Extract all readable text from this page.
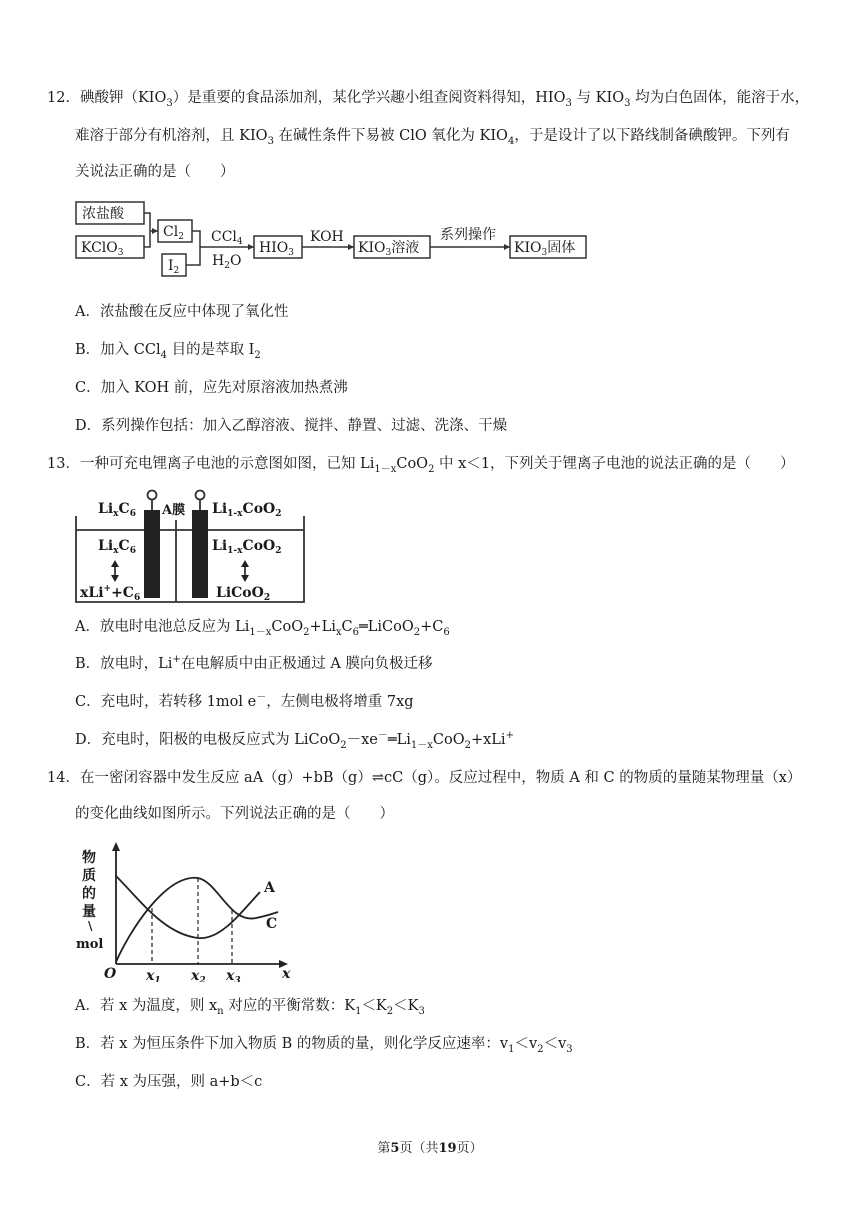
12．碘酸钾$(KIO_3)$是重要的食品添加剂，某化学兴趣小组查阅资料得知，$HIO_3$ 与 $KIO_3$ 均为白色固体，能溶于水，
难溶于部分有机溶剂，且 $KIO_3$ 在碱性条件下易被 ClO 氧化为 $KIO_4$，于是设计了以下路线制备碘酸钾。下列有
关说法正确的是（　　）
浓盐酸
KClO$_3$
$Cl_2$
$I_2$
CCl$_4$
$H_2O$
$HIO_3$
KOH
$KIO_3$溶液
系列操作
$KIO_3$固体
A．浓盐酸在反应中体现了氧化性
B．加入 CCl$_4$ 目的是萃取 $I_2$
C．加入 KOH 前，应先对原溶液加热煮沸
D．系列操作包括：加入乙醇溶液、搅拌、静置、过滤、洗涤、干燥
13．一种可充电锂离子电池的示意图如图，已知 $Li_{1-x}CoO_2$ 中 x＜1，下列关于锂离子电池的说法正确的是（　　）
$Li_xC_6$ A膜 $Li_{1-x}CoO_2$
$Li_xC_6$	$Li_{1-x}CoO_2$
$xLi^++C_6$	LiCoO$_2$
A．放电时电池总反应为 $Li_{1-x}CoO_2+Li_xC_6═LiCoO_2+C_6$
B．放电时，Li+在电解质中由正极通过 A 膜向负极迁移
C．充电时，若转移 1mol e－，左侧电极将增重 7xg
D．充电时，阳极的电极反应式为 $LiCoO_2-xe^-═Li_{1-x}CoO_2+xLi^+$
14．在一密闭容器中发生反应 aA（g）+bB（g）⇌cC（g）。反应过程中，物质 A 和 C 的物质的量随某物理量（x）
的变化曲线如图所示。下列说法正确的是（　　）
物
质
的
量
\
mol
O $x_1$ $x_2$ $x_3$	x
A
C
A．若 x 为温度，则 $x_n$ 对应的平衡常数：$K_1<K_2<K_3$
B．若 x 为恒压条件下加入物质 B 的物质的量，则化学反应速率：$v_1<v_2<v_3$
C．若 x 为压强，则 a+b＜c
第5页（共19页）
